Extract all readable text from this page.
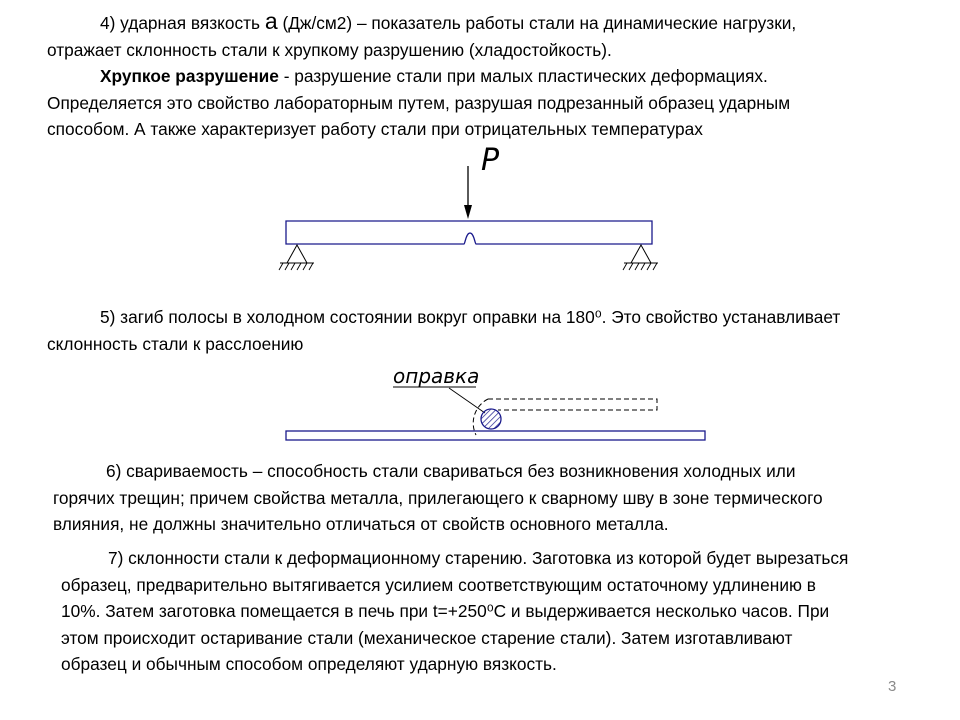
4) ударная вязкость а (Дж/см2) – показатель работы стали на динамические нагрузки,
отражает склонность стали к хрупкому разрушению (хладостойкость).
Хрупкое разрушение - разрушение стали при малых пластических деформациях.
Определяется это свойство лабораторным путем, разрушая подрезанный образец ударным
способом. А также характеризует работу стали при отрицательных температурах
P
оправка
5) загиб полосы в холодном состоянии вокруг оправки на 180⁰. Это свойство устанавливает
склонность стали к расслоению
6) свариваемость – способность стали свариваться без возникновения холодных или
горячих трещин; причем свойства металла, прилегающего к сварному шву в зоне термического
влияния, не должны значительно отличаться от свойств основного металла.
7) склонности стали к деформационному старению. Заготовка из которой будет вырезаться
образец, предварительно вытягивается усилием соответствующим остаточному удлинению в
10%. Затем заготовка помещается в печь при t=+250⁰С и выдерживается несколько часов. При
этом происходит остаривание стали (механическое старение стали). Затем изготавливают
образец и обычным способом определяют ударную вязкость.
3
